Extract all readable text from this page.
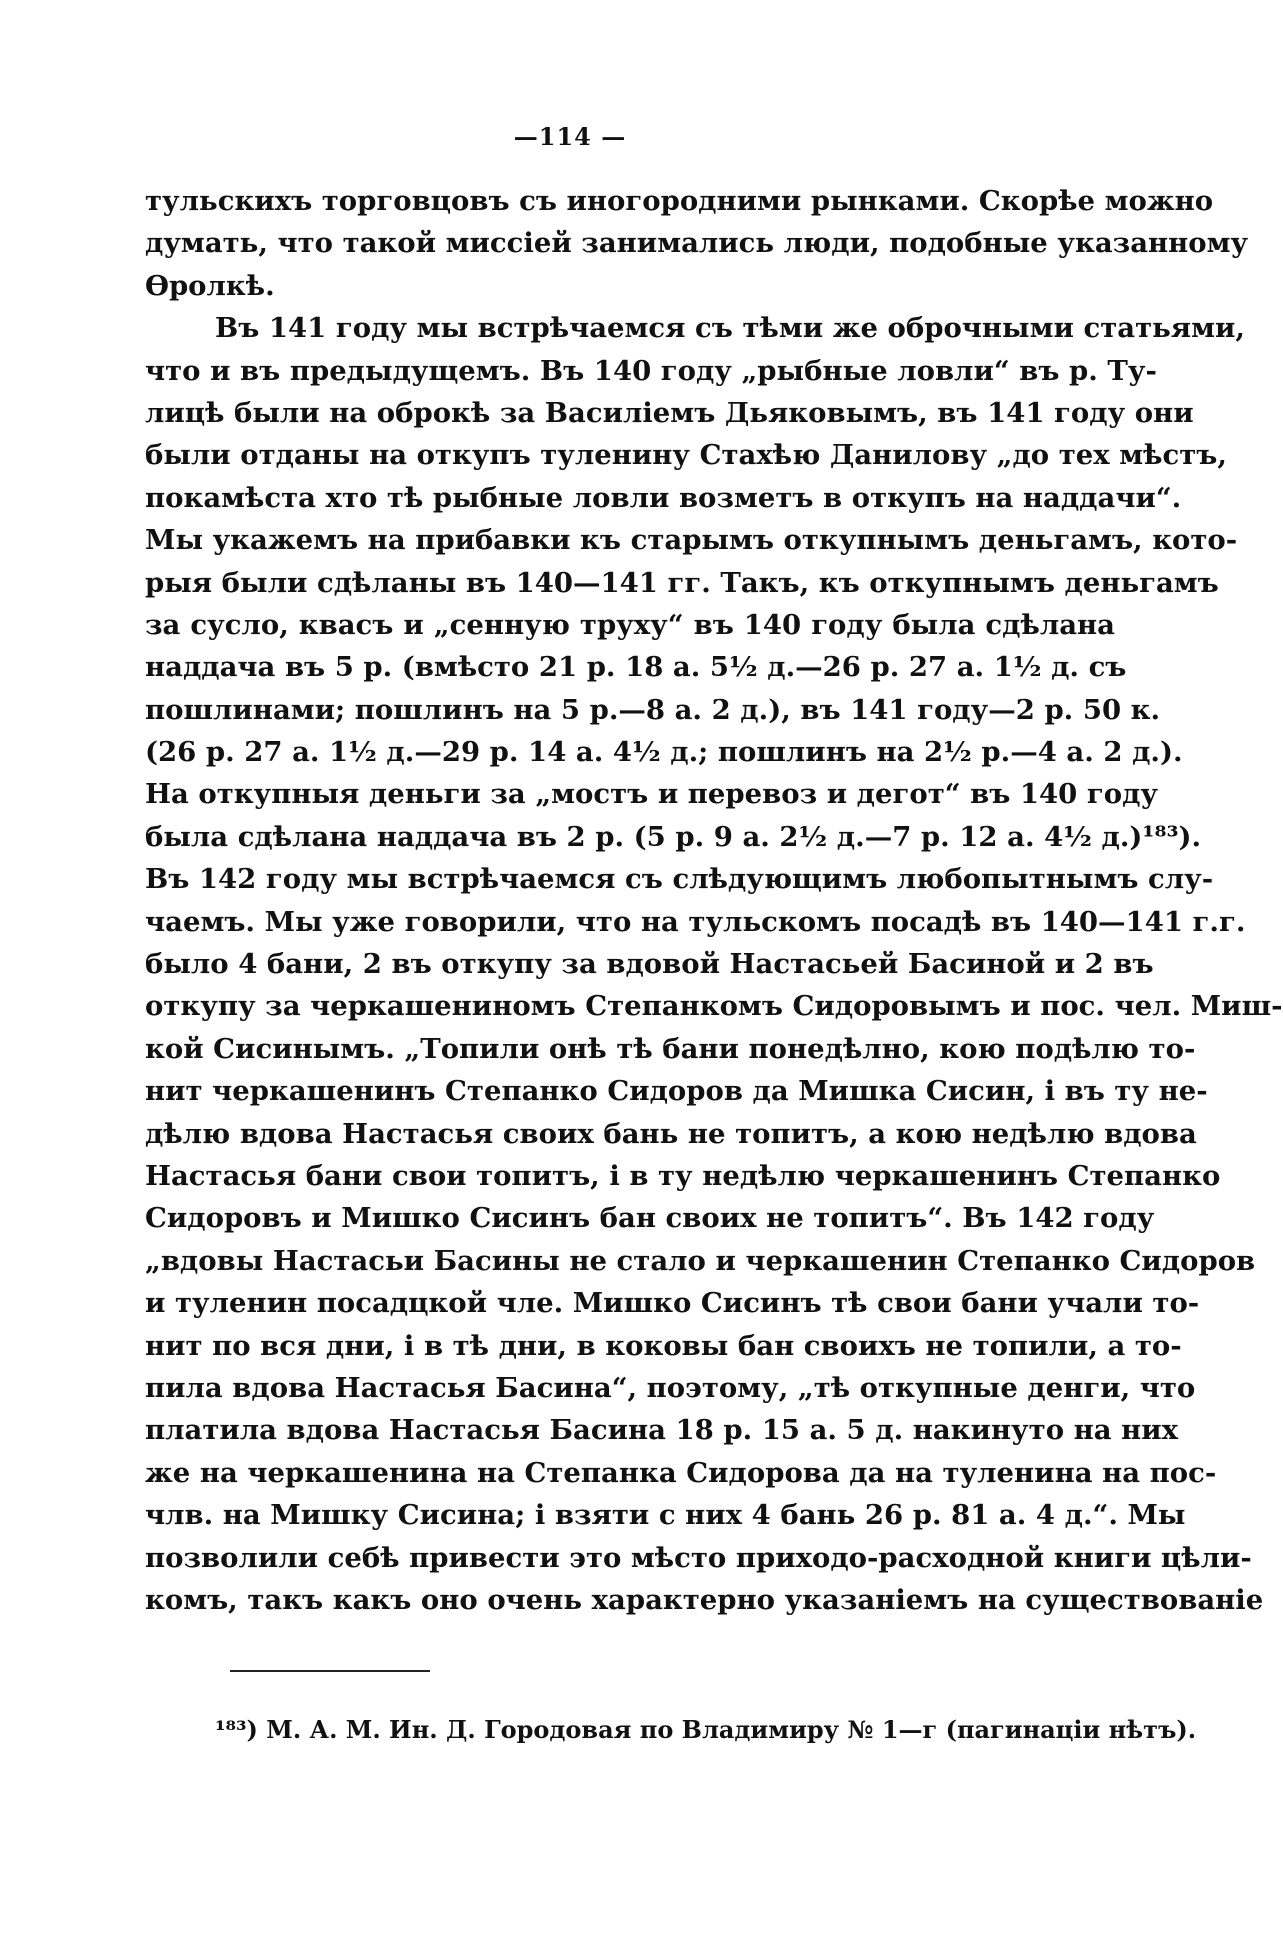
—114 —
тульскихъ торговцовъ съ иногородними рынками. Скорѣе можно
думать, что такой миссіей занимались люди, подобные указанному
Өролкѣ.
Въ 141 году мы встрѣчаемся съ тѣми же оброчными статьями,
что и въ предыдущемъ. Въ 140 году „рыбные ловли“ въ р. Ту-
лицѣ были на оброкѣ за Василіемъ Дьяковымъ, въ 141 году они
были отданы на откупъ туленину Стахѣю Данилову „до тех мѣстъ,
покамѣста хто тѣ рыбные ловли возметъ в откупъ на наддачи“.
Мы укажемъ на прибавки къ старымъ откупнымъ деньгамъ, кото-
рыя были сдѣланы въ 140—141 гг. Такъ, къ откупнымъ деньгамъ
за сусло, квасъ и „сенную труху“ въ 140 году была сдѣлана
наддача въ 5 р. (вмѣсто 21 р. 18 а. 5½ д.—26 р. 27 а. 1½ д. съ
пошлинами; пошлинъ на 5 р.—8 а. 2 д.), въ 141 году—2 р. 50 к.
(26 р. 27 а. 1½ д.—29 р. 14 а. 4½ д.; пошлинъ на 2½ р.—4 а. 2 д.).
На откупныя деньги за „мостъ и перевоз и дегот“ въ 140 году
была сдѣлана наддача въ 2 р. (5 р. 9 а. 2½ д.—7 р. 12 а. 4½ д.)¹⁸³).
Въ 142 году мы встрѣчаемся съ слѣдующимъ любопытнымъ слу-
чаемъ. Мы уже говорили, что на тульскомъ посадѣ въ 140—141 г.г.
было 4 бани, 2 въ откупу за вдовой Настасьей Басиной и 2 въ
откупу за черкашениномъ Степанкомъ Сидоровымъ и пос. чел. Миш-
кой Сисинымъ. „Топили онѣ тѣ бани понедѣлно, кою подѣлю то-
нит черкашенинъ Степанко Сидоров да Мишка Сисин, і въ ту не-
дѣлю вдова Настасья своих бань не топитъ, а кою недѣлю вдова
Настасья бани свои топитъ, і в ту недѣлю черкашенинъ Степанко
Сидоровъ и Мишко Сисинъ бан своих не топитъ“. Въ 142 году
„вдовы Настасьи Басины не стало и черкашенин Степанко Сидоров
и туленин посадцкой чле. Мишко Сисинъ тѣ свои бани учали то-
нит по вся дни, і в тѣ дни, в коковы бан своихъ не топили, а то-
пила вдова Настасья Басина“, поэтому, „тѣ откупные денги, что
платила вдова Настасья Басина 18 р. 15 а. 5 д. накинуто на них
же на черкашенина на Степанка Сидорова да на туленина на пос-
члв. на Мишку Сисина; і взяти с них 4 бань 26 р. 81 а. 4 д.“. Мы
позволили себѣ привести это мѣсто приходо-расходной книги цѣли-
комъ, такъ какъ оно очень характерно указаніемъ на существованіе
¹⁸³) М. А. М. Ин. Д. Городовая по Владимиру № 1—г (пагинаціи нѣтъ).
